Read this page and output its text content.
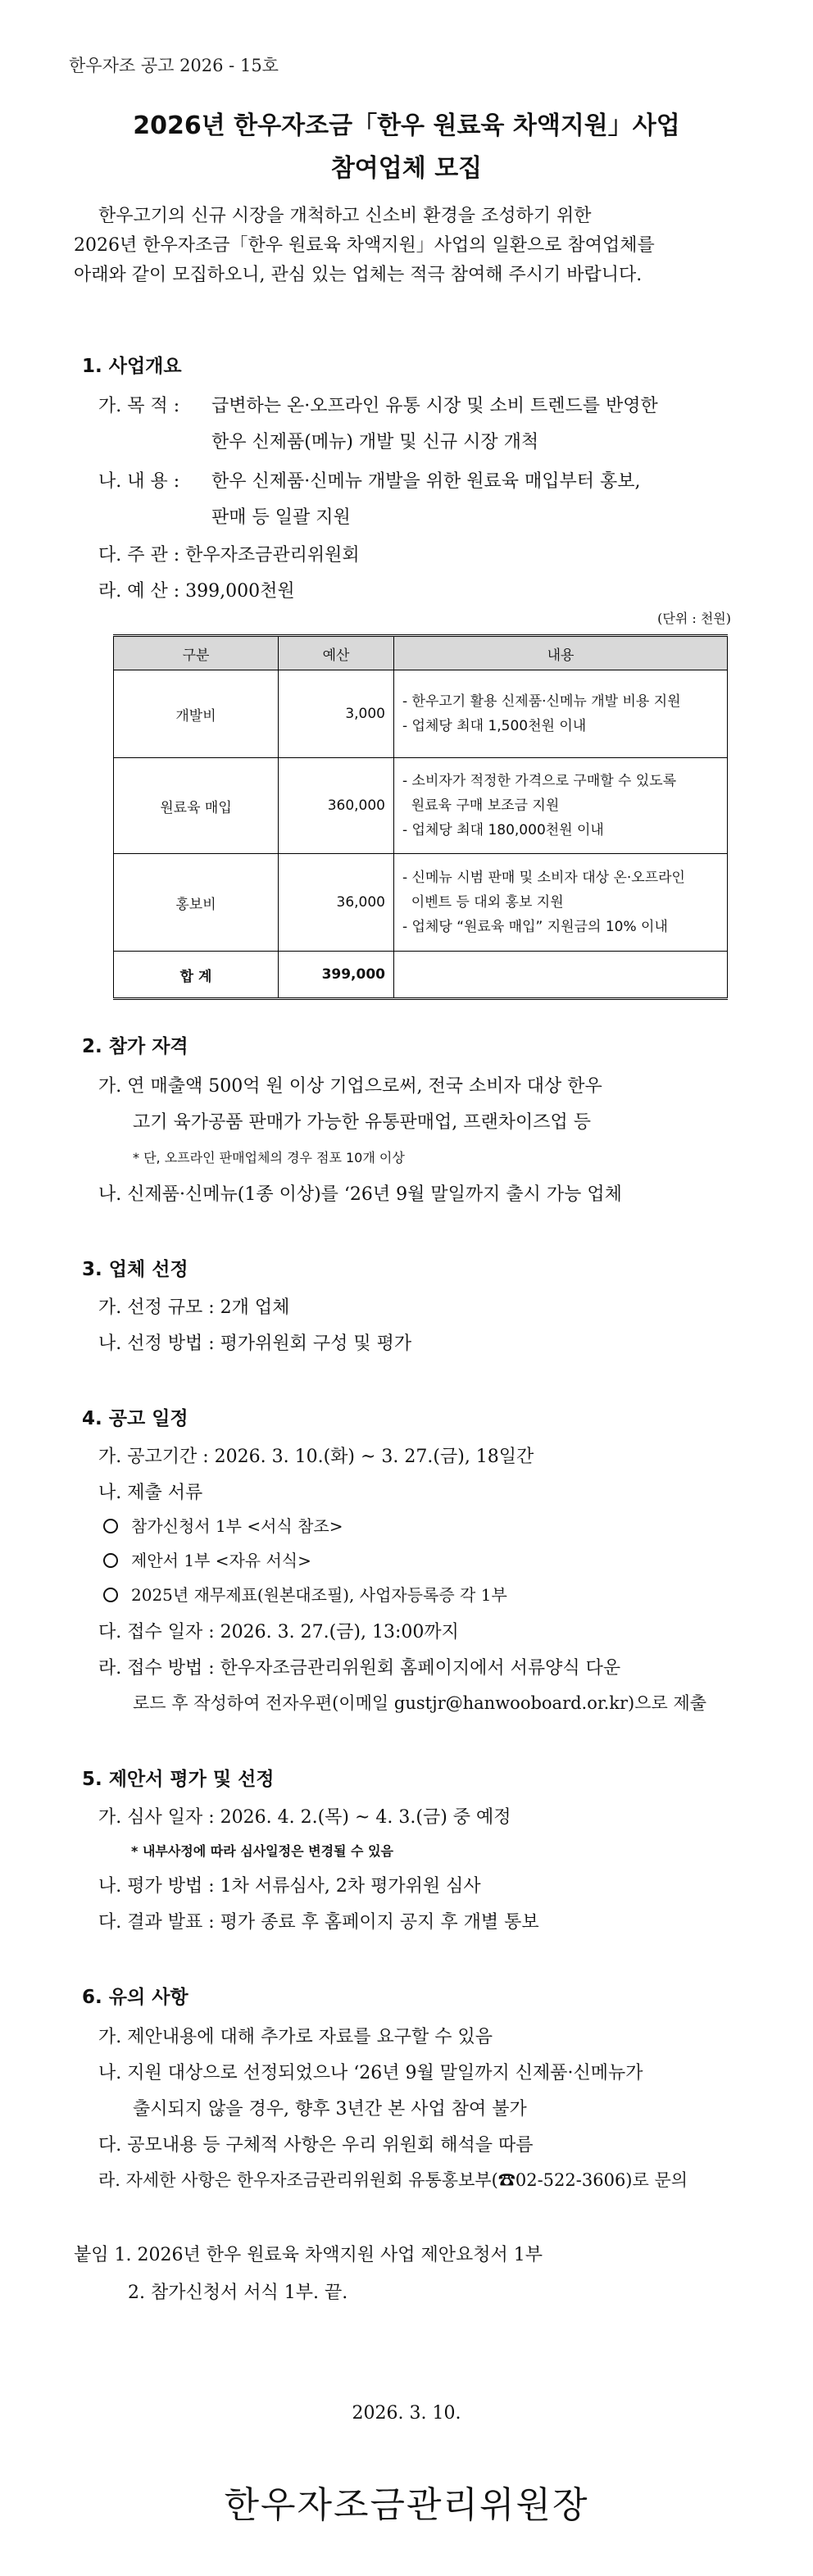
한우자조 공고 2026 - 15호
2026년 한우자조금「한우 원료육 차액지원」사업
참여업체 모집

한우고기의 신규 시장을 개척하고 신소비 환경을 조성하기 위한

2026년 한우자조금「한우 원료육 차액지원」사업의 일환으로 참여업체를

아래와 같이 모집하오니, 관심 있는 업체는 적극 참여해 주시기 바랍니다.

1. 사업개요
가. 목 적 : 급변하는 온·오프라인 유통 시장 및 소비 트렌드를 반영한
한우 신제품(메뉴) 개발 및 신규 시장 개척
나. 내 용 : 한우 신제품·신메뉴 개발을 위한 원료육 매입부터 홍보,
판매 등 일괄 지원
다. 주 관 : 한우자조금관리위원회
라. 예 산 : 399,000천원
(단위 : 천원)
구분	예산	내용
개발비	3,000	- 한우고기 활용 신제품·신메뉴 개발 비용 지원
- 업체당 최대 1,500천원 이내

원료육 매입	360,000	- 소비자가 적정한 가격으로 구매할 수 있도록
원료육 구매 보조금 지원
- 업체당 최대 180,000천원 이내

홍보비	36,000	- 신메뉴 시범 판매 및 소비자 대상 온·오프라인
이벤트 등 대외 홍보 지원
- 업체당 “원료육 매입” 지원금의 10% 이내

합 계	399,000	
2. 참가 자격
가. 연 매출액 500억 원 이상 기업으로써, 전국 소비자 대상 한우
고기 육가공품 판매가 가능한 유통판매업, 프랜차이즈업 등
* 단, 오프라인 판매업체의 경우 점포 10개 이상
나. 신제품·신메뉴(1종 이상)를 ‘26년 9월 말일까지 출시 가능 업체
3. 업체 선정
가. 선정 규모 : 2개 업체
나. 선정 방법 : 평가위원회 구성 및 평가
4. 공고 일정
가. 공고기간 : 2026. 3. 10.(화) ~ 3. 27.(금), 18일간
나. 제출 서류
참가신청서 1부 <서식 참조>
제안서 1부 <자유 서식>
2025년 재무제표(원본대조필), 사업자등록증 각 1부
다. 접수 일자 : 2026. 3. 27.(금), 13:00까지
라. 접수 방법 : 한우자조금관리위원회 홈페이지에서 서류양식 다운
로드 후 작성하여 전자우편(이메일 gustjr@hanwooboard.or.kr)으로 제출
5. 제안서 평가 및 선정
가. 심사 일자 : 2026. 4. 2.(목) ~ 4. 3.(금) 중 예정
* 내부사정에 따라 심사일정은 변경될 수 있음
나. 평가 방법 : 1차 서류심사, 2차 평가위원 심사
다. 결과 발표 : 평가 종료 후 홈페이지 공지 후 개별 통보
6. 유의 사항
가. 제안내용에 대해 추가로 자료를 요구할 수 있음
나. 지원 대상으로 선정되었으나 ‘26년 9월 말일까지 신제품·신메뉴가
출시되지 않을 경우, 향후 3년간 본 사업 참여 불가
다. 공모내용 등 구체적 사항은 우리 위원회 해석을 따름
라. 자세한 사항은 한우자조금관리위원회 유통홍보부(☎02-522-3606)로 문의
붙임 1. 2026년 한우 원료육 차액지원 사업 제안요청서 1부
2. 참가신청서 서식 1부. 끝.
2026. 3. 10.
한우자조금관리위원장
